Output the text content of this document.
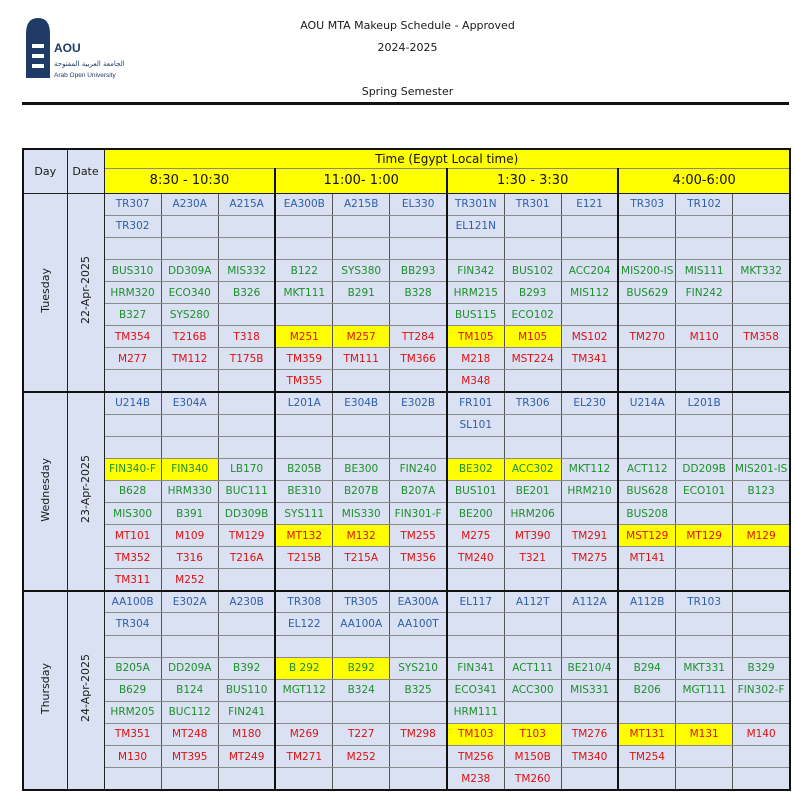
AOU
الجامعة العربية المفتوحة
Arab Open University
AOU MTA Makeup Schedule - Approved
2024-2025
Spring Semester
Day	Date	Time (Egypt Local time)											
		8:30 - 10:30			11:00- 1:00			1:30 - 3:30			4:00-6:00		
Tuesday	22-Apr-2025	TR307	A230A	A215A	EA300B	A215B	EL330	TR301N	TR301	E121	TR303	TR102	
		TR302						EL121N					

		BUS310	DD309A	MIS332	B122	SYS380	BB293	FIN342	BUS102	ACC204	MIS200-IS	MIS111	MKT332
		HRM320	ECO340	B326	MKT111	B291	B328	HRM215	B293	MIS112	BUS629	FIN242	
		B327	SYS280					BUS115	ECO102				
		TM354	T216B	T318	M251	M257	TT284	TM105	M105	MS102	TM270	M110	TM358
		M277	TM112	T175B	TM359	TM111	TM366	M218	MST224	TM341			
					TM355			M348					
Wednesday	23-Apr-2025	U214B	E304A		L201A	E304B	E302B	FR101	TR306	EL230	U214A	L201B	
								SL101					

		FIN340-F	FIN340	LB170	B205B	BE300	FIN240	BE302	ACC302	MKT112	ACT112	DD209B	MIS201-IS
		B628	HRM330	BUC111	BE310	B207B	B207A	BUS101	BE201	HRM210	BUS628	ECO101	B123
		MIS300	B391	DD309B	SYS111	MIS330	FIN301-F	BE200	HRM206		BUS208		
		MT101	M109	TM129	MT132	M132	TM255	M275	MT390	TM291	MST129	MT129	M129
		TM352	T316	T216A	T215B	T215A	TM356	TM240	T321	TM275	MT141		
		TM311	M252										
Thursday	24-Apr-2025	AA100B	E302A	A230B	TR308	TR305	EA300A	EL117	A112T	A112A	A112B	TR103	
		TR304			EL122	AA100A	AA100T						

		B205A	DD209A	B392	B 292	B292	SYS210	FIN341	ACT111	BE210/4	B294	MKT331	B329
		B629	B124	BUS110	MGT112	B324	B325	ECO341	ACC300	MIS331	B206	MGT111	FIN302-F
		HRM205	BUC112	FIN241				HRM111					
		TM351	MT248	M180	M269	T227	TM298	TM103	T103	TM276	MT131	M131	M140
		M130	MT395	MT249	TM271	M252		TM256	M150B	TM340	TM254		
								M238	TM260				
